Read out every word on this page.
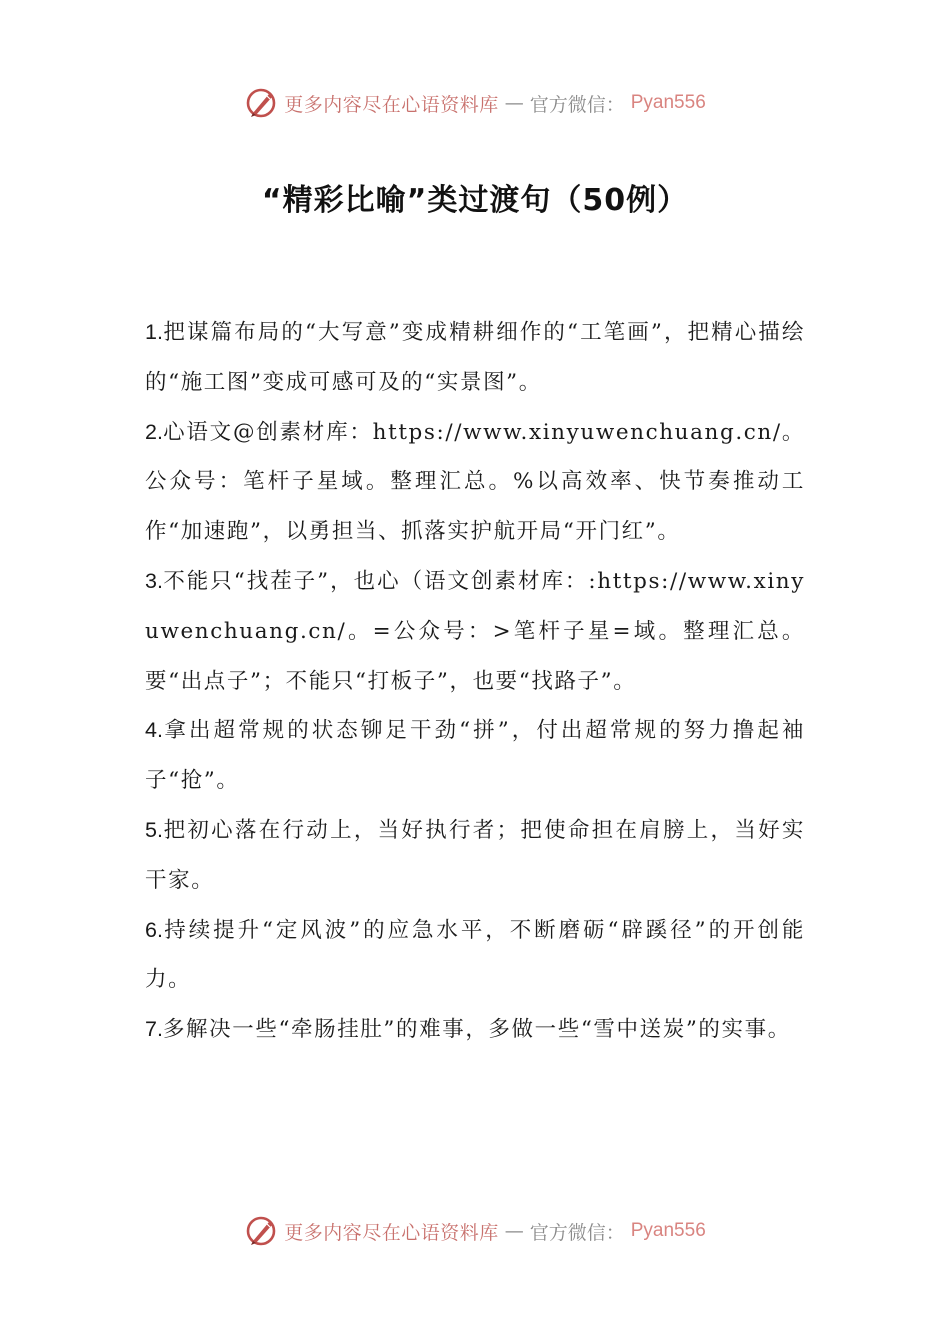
更多内容尽在心语资料库 — 官方微信： Pyan556
“精彩比喻”类过渡句（50例）

1.把谋篇布局的“大写意”变成精耕细作的“工笔画”，把精心描绘的“施工图”变成可感可及的“实景图”。

2.心语文@创素材库：https://www.xinyuwenchuang.cn/。公众号：笔杆子星域。整理汇总。%以高效率、快节奏推动工作“加速跑”，以勇担当、抓落实护航开局“开门红”。

3.不能只“找茬子”，也心（语文创素材库：:https://www.xinyuwenchuang.cn/。=公众号：>笔杆子星=域。整理汇总。要“出点子”；不能只“打板子”，也要“找路子”。

4.拿出超常规的状态铆足干劲“拼”，付出超常规的努力撸起袖子“抢”。

5.把初心落在行动上，当好执行者；把使命担在肩膀上，当好实干家。

6.持续提升“定风波”的应急水平，不断磨砺“辟蹊径”的开创能力。

7.多解决一些“牵肠挂肚”的难事，多做一些“雪中送炭”的实事。

更多内容尽在心语资料库 — 官方微信： Pyan556
